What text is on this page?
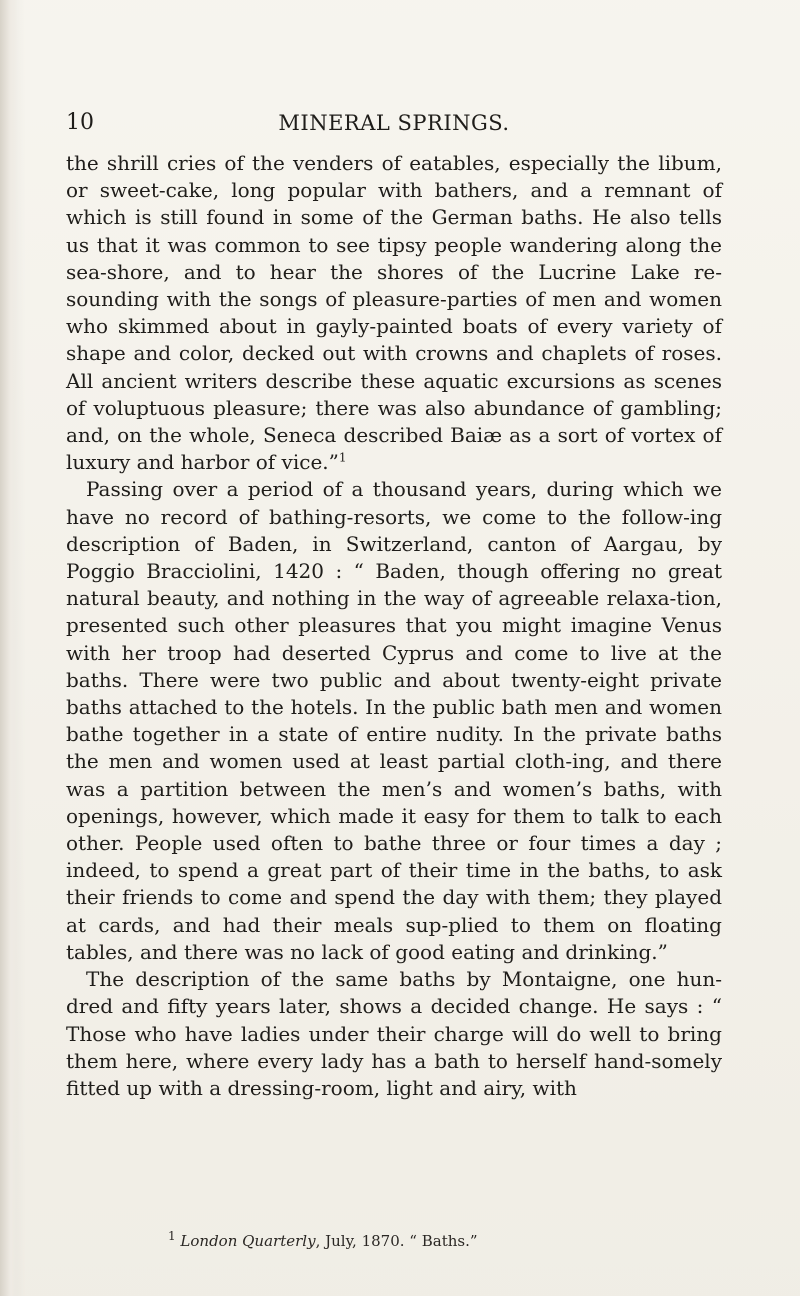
10	MINERAL SPRINGS.

the shrill cries of the venders of eatables, especially the libum, or sweet-cake, long popular with bathers, and a remnant of which is still found in some of the German baths. He also tells us that it was common to see tipsy people wandering along the sea-shore, and to hear the shores of the Lucrine Lake re-sounding with the songs of pleasure-parties of men and women who skimmed about in gayly-painted boats of every variety of shape and color, decked out with crowns and chaplets of roses. All ancient writers describe these aquatic excursions as scenes of voluptuous pleasure; there was also abundance of gambling; and, on the whole, Seneca described Baiæ as a sort of vortex of luxury and harbor of vice.”$^1$

Passing over a period of a thousand years, during which we have no record of bathing-resorts, we come to the follow-ing description of Baden, in Switzerland, canton of Aargau, by Poggio Bracciolini, 1420 : “ Baden, though offering no great natural beauty, and nothing in the way of agreeable relaxa-tion, presented such other pleasures that you might imagine Venus with her troop had deserted Cyprus and come to live at the baths. There were two public and about twenty-eight private baths attached to the hotels. In the public bath men and women bathe together in a state of entire nudity. In the private baths the men and women used at least partial cloth-ing, and there was a partition between the men’s and women’s baths, with openings, however, which made it easy for them to talk to each other. People used often to bathe three or four times a day ; indeed, to spend a great part of their time in the baths, to ask their friends to come and spend the day with them; they played at cards, and had their meals sup-plied to them on floating tables, and there was no lack of good eating and drinking.”

The description of the same baths by Montaigne, one hun-dred and fifty years later, shows a decided change. He says : “ Those who have ladies under their charge will do well to bring them here, where every lady has a bath to herself hand-somely fitted up with a dressing-room, light and airy, with

$^1$ London Quarterly, July, 1870. “ Baths.”
